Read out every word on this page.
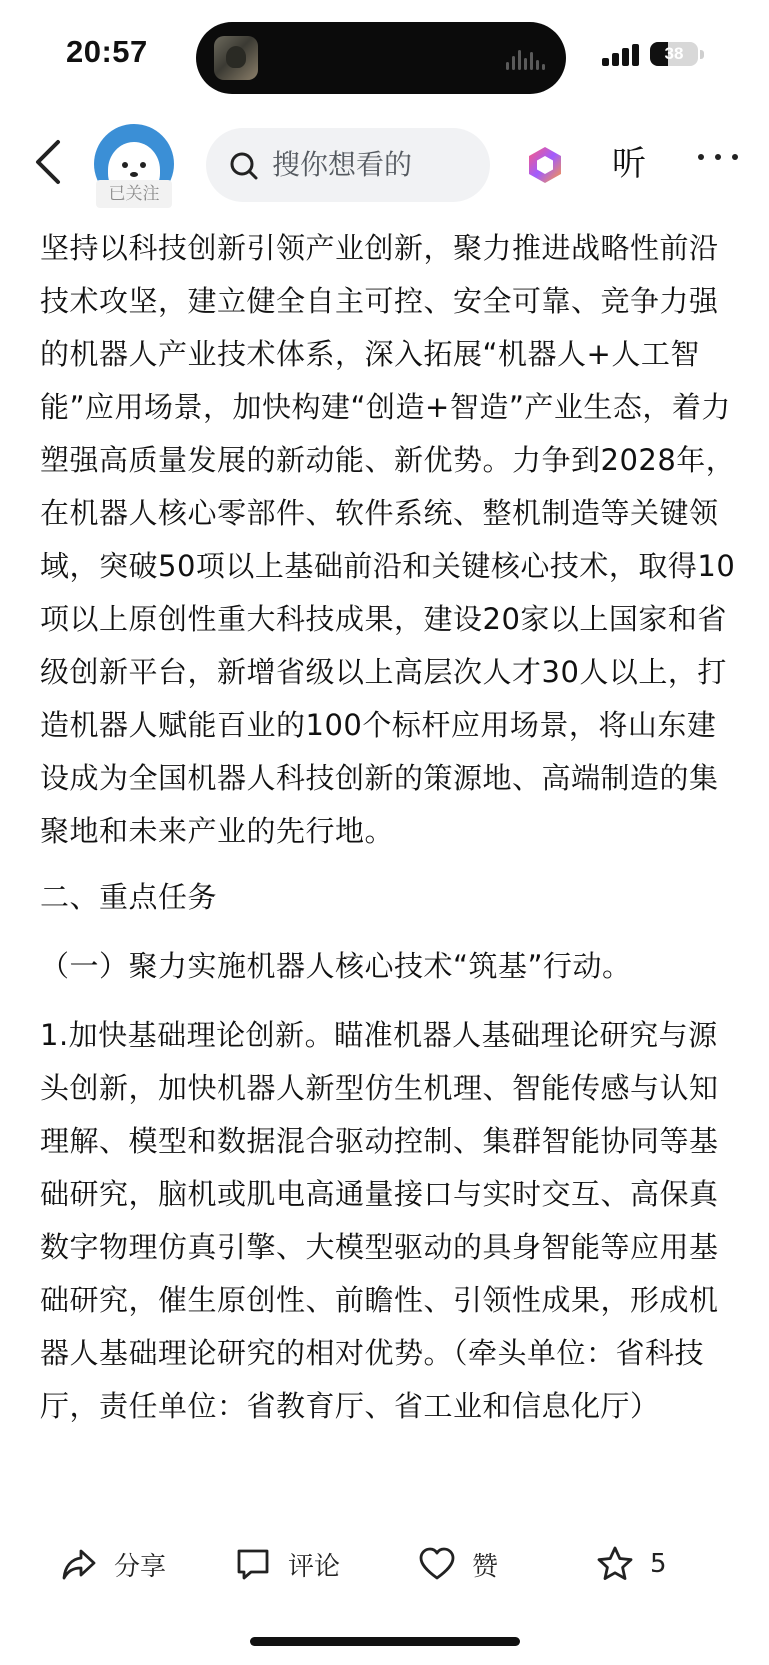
20:57	38
已关注
搜你想看的	听

坚持以科技创新引领产业创新，聚力推进战略性前沿技术攻坚，建立健全自主可控、安全可靠、竞争力强的机器人产业技术体系，深入拓展“机器人+人工智能”应用场景，加快构建“创造+智造”产业生态，着力塑强高质量发展的新动能、新优势。力争到2028年，在机器人核心零部件、软件系统、整机制造等关键领域，突破50项以上基础前沿和关键核心技术，取得10项以上原创性重大科技成果，建设20家以上国家和省级创新平台，新增省级以上高层次人才30人以上，打造机器人赋能百业的100个标杆应用场景，将山东建设成为全国机器人科技创新的策源地、高端制造的集聚地和未来产业的先行地。

二、重点任务

（一）聚力实施机器人核心技术“筑基”行动。

1.加快基础理论创新。瞄准机器人基础理论研究与源头创新，加快机器人新型仿生机理、智能传感与认知理解、模型和数据混合驱动控制、集群智能协同等基础研究，脑机或肌电高通量接口与实时交互、高保真数字物理仿真引擎、大模型驱动的具身智能等应用基础研究，催生原创性、前瞻性、引领性成果，形成机器人基础理论研究的相对优势。（牵头单位：省科技厅，责任单位：省教育厅、省工业和信息化厅）

分享	评论	赞	5
